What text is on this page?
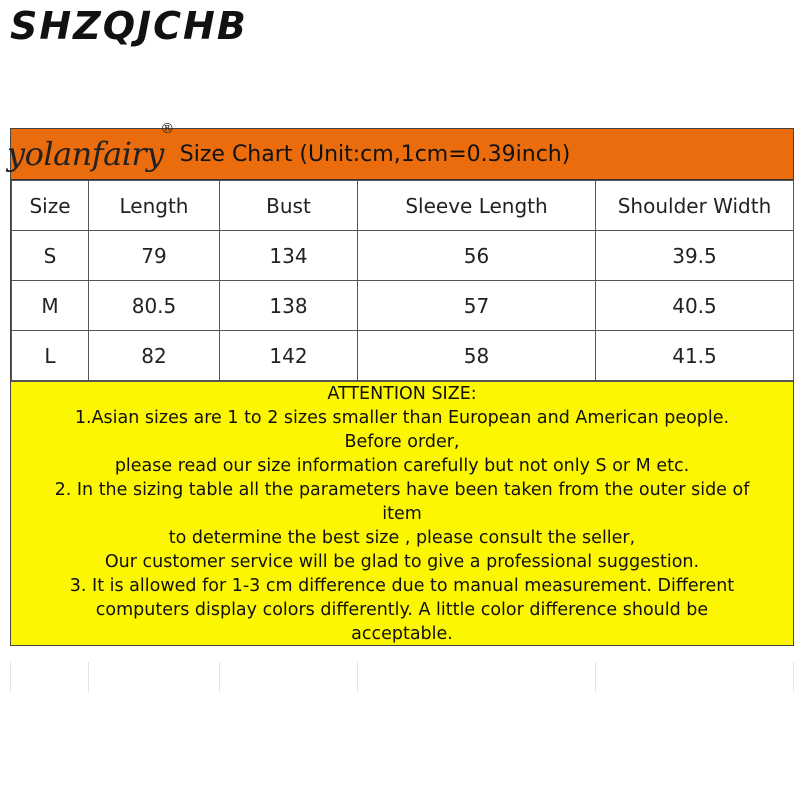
SHZQJCHB
yolanfairy
®
Size Chart (Unit:cm,1cm=0.39inch)
Size	Length	Bust	Sleeve Length	Shoulder Width
S	79	134	56	39.5
M	80.5	138	57	40.5
L	82	142	58	41.5
ATTENTION SIZE:
1.Asian sizes are 1 to 2 sizes smaller than European and American people.
Before order,
please read our size information carefully but not only S or M etc.
2. In the sizing table all the parameters have been taken from the outer side of
item
to determine the best size , please consult the seller,
Our customer service will be glad to give a professional suggestion.
3. It is allowed for 1-3 cm difference due to manual measurement. Different
computers display colors differently. A little color difference should be
acceptable.
